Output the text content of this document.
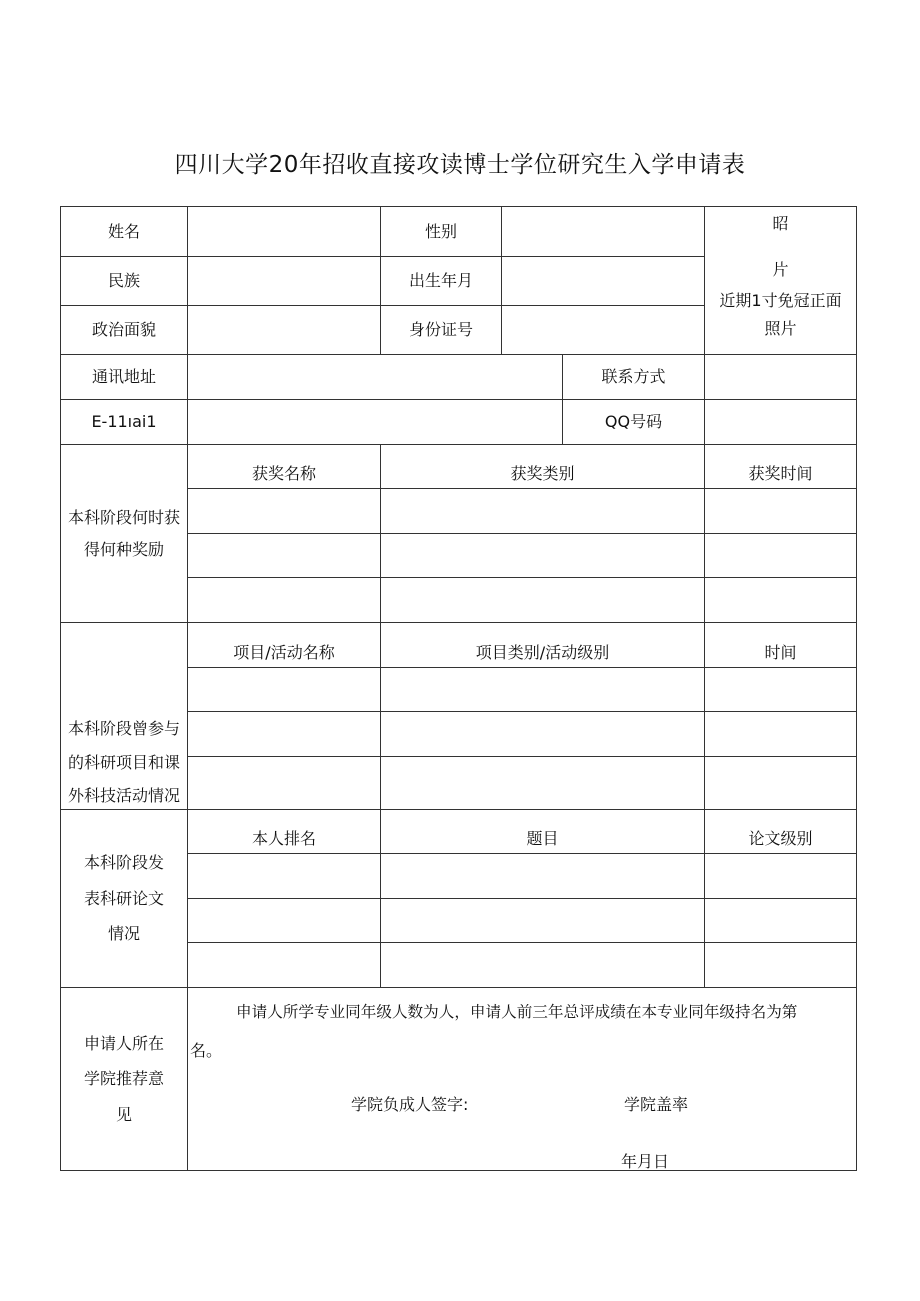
四川大学20年招收直接攻读博士学位研究生入学申请表
姓名	性别	昭
片
近期1寸免冠正面
照片
民族	出生年月
政治面貌	身份证号
通讯地址	联系方式
E-11ıai1	QQ号码
本科阶段何时获
得何种奖励
获奖名称	获奖类别	获奖时间
本科阶段曾参与
的科研项目和课
外科技活动情况
项目/活动名称	项目类别/活动级别	时间
本科阶段发
表科研论文
情况
本人排名	题目	论文级别
申请人所在
学院推荐意
见
申请人所学专业同年级人数为人，申请人前三年总评成绩在本专业同年级持名为第
名。
学院负成人签字:	学院盖率
年月日
